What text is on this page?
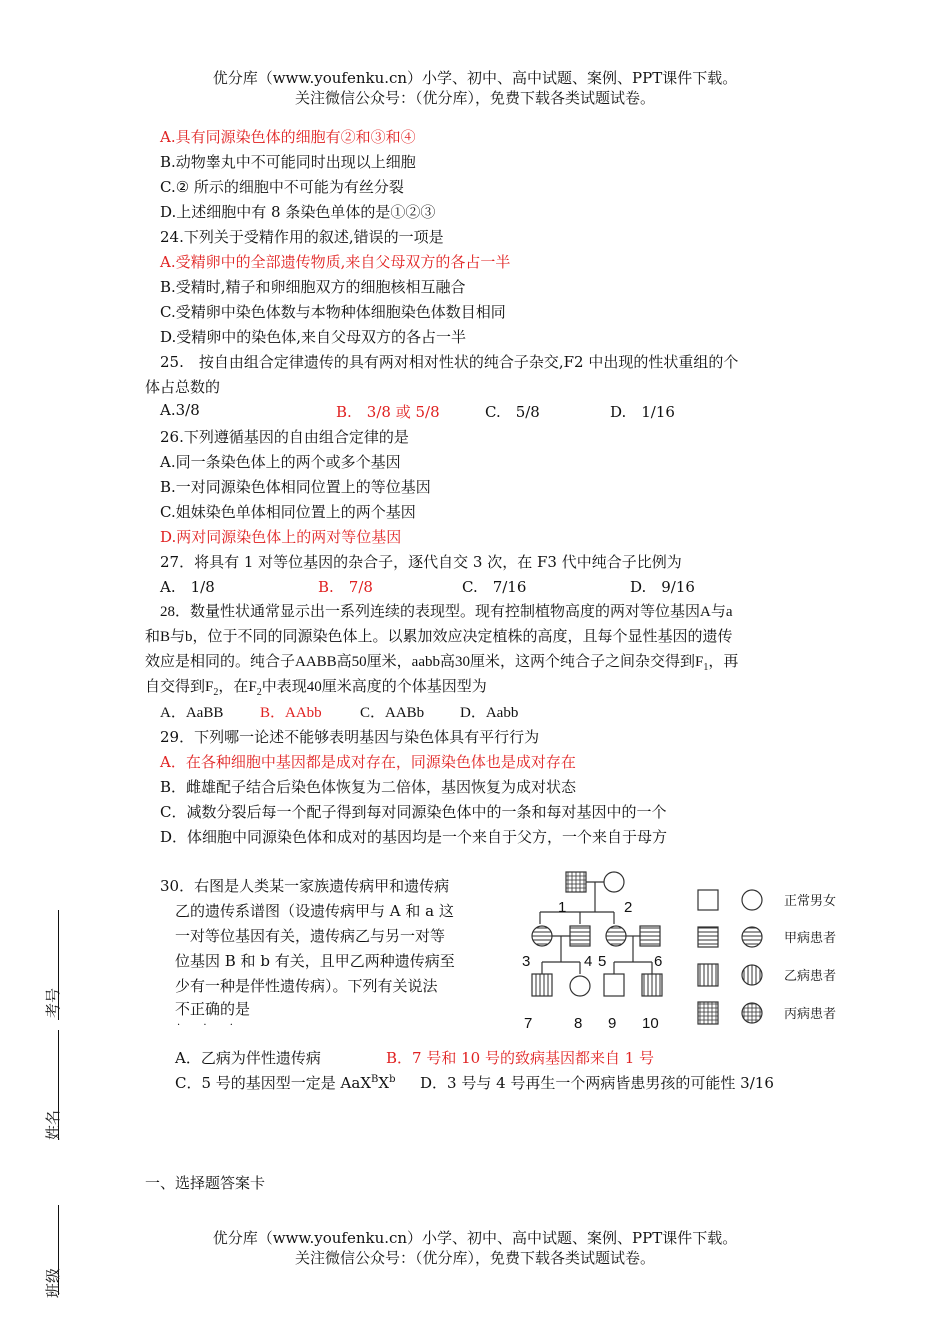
优分库（www.youfenku.cn）小学、初中、高中试题、案例、PPT课件下载。
关注微信公众号：（优分库），免费下载各类试题试卷。
A.具有同源染色体的细胞有②和③和④
B.动物睾丸中不可能同时出现以上细胞
C.② 所示的细胞中不可能为有丝分裂
D.上述细胞中有 8 条染色单体的是①②③
24.下列关于受精作用的叙述,错误的一项是
A.受精卵中的全部遗传物质,来自父母双方的各占一半
B.受精时,精子和卵细胞双方的细胞核相互融合
C.受精卵中染色体数与本物种体细胞染色体数目相同
D.受精卵中的染色体,来自父母双方的各占一半
25.　按自由组合定律遗传的具有两对相对性状的纯合子杂交,F2 中出现的性状重组的个
体占总数的
A.3/8	B.　3/8 或 5/8	C.　5/8	D.　1/16
26.下列遵循基因的自由组合定律的是
A.同一条染色体上的两个或多个基因
B.一对同源染色体相同位置上的等位基因
C.姐妹染色单体相同位置上的两个基因
D.两对同源染色体上的两对等位基因
27．将具有 1 对等位基因的杂合子，逐代自交 3 次，在 F3 代中纯合子比例为
A.　1/8	B.　7/8	C.　7/16	D.　9/16
28．数量性状通常显示出一系列连续的表现型。现有控制植物高度的两对等位基因A与a
和B与b，位于不同的同源染色体上。以累加效应决定植株的高度，且每个显性基因的遗传
效应是相同的。纯合子AABB高50厘米，aabb高30厘米，这两个纯合子之间杂交得到$F_1$，再
自交得到$F_2$，在$F_2$中表现40厘米高度的个体基因型为
A．AaBB B．AAbb	C．AABb D．Aabb
29．下列哪一论述不能够表明基因与染色体具有平行行为
A．在各种细胞中基因都是成对存在，同源染色体也是成对存在
B．雌雄配子结合后染色体恢复为二倍体，基因恢复为成对状态
C．减数分裂后每一个配子得到每对同源染色体中的一条和每对基因中的一个
D．体细胞中同源染色体和成对的基因均是一个来自于父方，一个来自于母方
30．右图是人类某一家族遗传病甲和遗传病
乙的遗传系谱图（设遗传病甲与 A 和 a 这
一对等位基因有关，遗传病乙与另一对等
位基因 B 和 b 有关，且甲乙两种遗传病至
少有一种是伴性遗传病）。下列有关说法
不正确的是
· · ·
A．乙病为伴性遗传病	B．7 号和 10 号的致病基因都来自 1 号
C．5 号的基因型一定是 $AaX^BX^b$ D．3 号与 4 号再生一个两病皆患男孩的可能性 3/16
1	2
3	4 5	6
7	8 9 10
正常男女
甲病患者
乙病患者
丙病患者
一、选择题答案卡
考号
姓名
班级
优分库（www.youfenku.cn）小学、初中、高中试题、案例、PPT课件下载。
关注微信公众号：（优分库），免费下载各类试题试卷。
